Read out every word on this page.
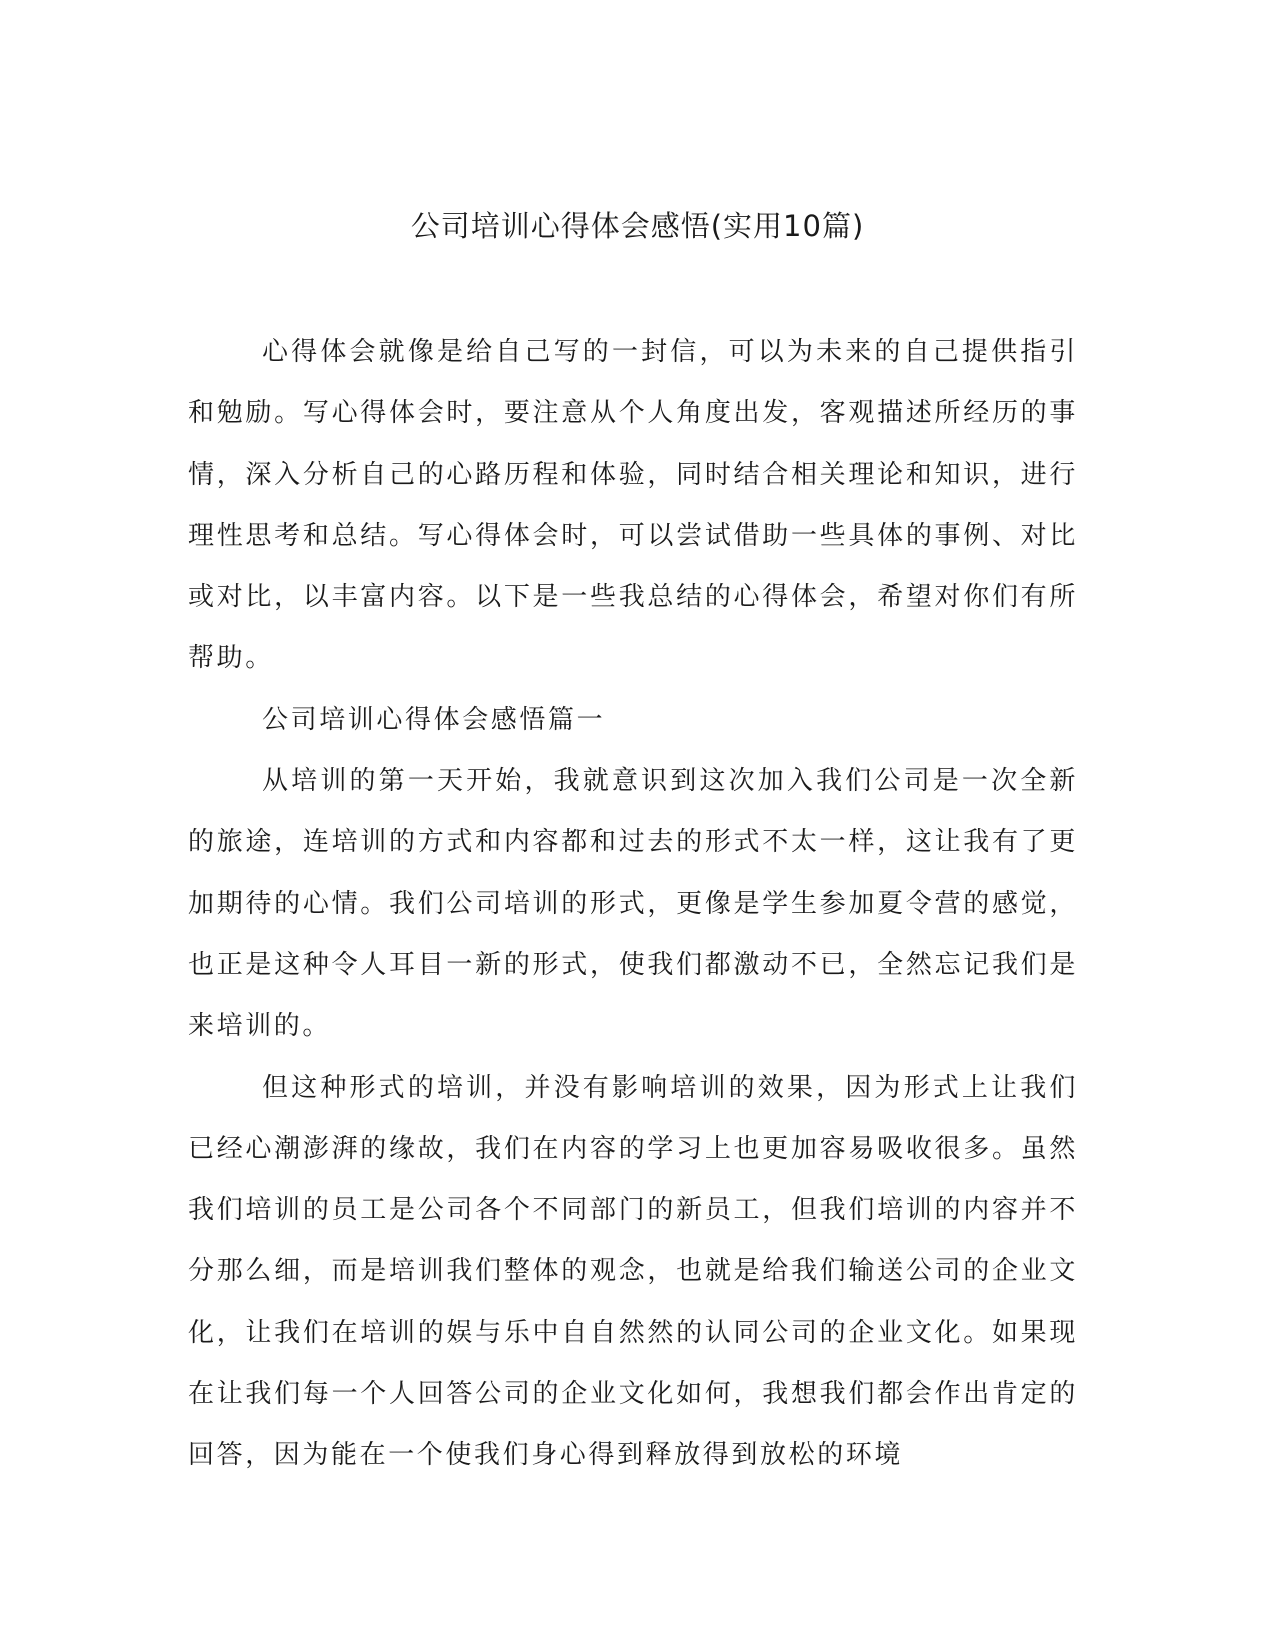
公司培训心得体会感悟(实用10篇)

心得体会就像是给自己写的一封信，可以为未来的自己提供指引和勉励。写心得体会时，要注意从个人角度出发，客观描述所经历的事情，深入分析自己的心路历程和体验，同时结合相关理论和知识，进行理性思考和总结。写心得体会时，可以尝试借助一些具体的事例、对比或对比，以丰富内容。以下是一些我总结的心得体会，希望对你们有所帮助。

公司培训心得体会感悟篇一

从培训的第一天开始，我就意识到这次加入我们公司是一次全新的旅途，连培训的方式和内容都和过去的形式不太一样，这让我有了更加期待的心情。我们公司培训的形式，更像是学生参加夏令营的感觉，也正是这种令人耳目一新的形式，使我们都激动不已，全然忘记我们是来培训的。

但这种形式的培训，并没有影响培训的效果，因为形式上让我们已经心潮澎湃的缘故，我们在内容的学习上也更加容易吸收很多。虽然我们培训的员工是公司各个不同部门的新员工，但我们培训的内容并不分那么细，而是培训我们整体的观念，也就是给我们输送公司的企业文化，让我们在培训的娱与乐中自自然然的认同公司的企业文化。如果现在让我们每一个人回答公司的企业文化如何，我想我们都会作出肯定的回答，因为能在一个使我们身心得到释放得到放松的环境
